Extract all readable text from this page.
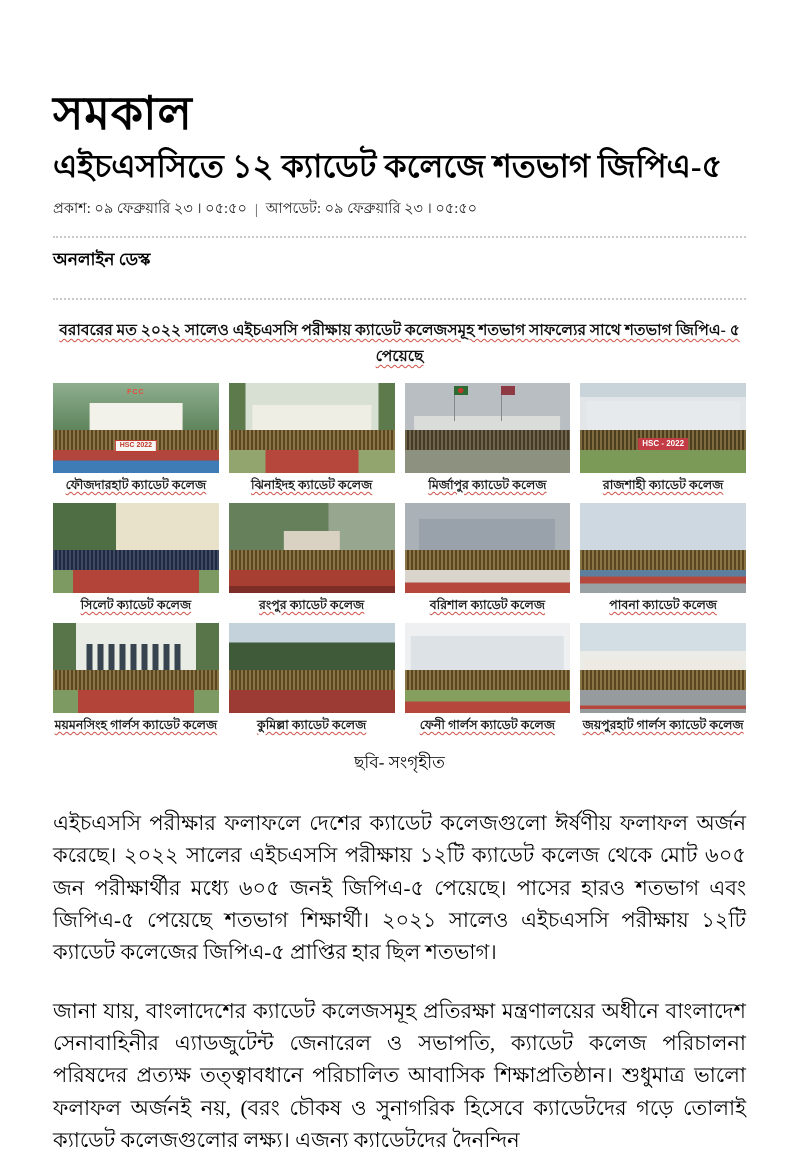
সমকাল
এইচএসসিতে ১২ ক্যাডেট কলেজে শতভাগ জিপিএ-৫
প্রকাশ: ০৯ ফেব্রুয়ারি ২৩ । ০৫:৫০ | আপডেট: ০৯ ফেব্রুয়ারি ২৩ । ০৫:৫০
অনলাইন ডেস্ক
বরাবরের মত ২০২২ সালেও এইচএসসি পরীক্ষায় ক্যাডেট কলেজসমূহ শতভাগ সাফল্যের সাথে শতভাগ জিপিএ- ৫ পেয়েছে
FCC
HSC 2022
ফৌজদারহাট ক্যাডেট কলেজ	ঝিনাইদহ ক্যাডেট কলেজ	মির্জাপুর ক্যাডেট কলেজ
HSC - 2022
রাজশাহী ক্যাডেট কলেজ
সিলেট ক্যাডেট কলেজ	রংপুর ক্যাডেট কলেজ	বরিশাল ক্যাডেট কলেজ	পাবনা ক্যাডেট কলেজ
ময়মনসিংহ গার্লস ক্যাডেট কলেজ	কুমিল্লা ক্যাডেট কলেজ	ফেনী গার্লস ক্যাডেট কলেজ	জয়পুরহাট গার্লস ক্যাডেট কলেজ
ছবি- সংগৃহীত

এইচএসসি পরীক্ষার ফলাফলে দেশের ক্যাডেট কলেজগুলো ঈর্ষণীয় ফলাফল অর্জন করেছে। ২০২২ সালের এইচএসসি পরীক্ষায় ১২টি ক্যাডেট কলেজ থেকে মোট ৬০৫ জন পরীক্ষার্থীর মধ্যে ৬০৫ জনই জিপিএ-৫ পেয়েছে। পাসের হারও শতভাগ এবং জিপিএ-৫ পেয়েছে শতভাগ শিক্ষার্থী। ২০২১ সালেও এইচএসসি পরীক্ষায় ১২টি ক্যাডেট কলেজের জিপিএ-৫ প্রাপ্তির হার ছিল শতভাগ।

জানা যায়, বাংলাদেশের ক্যাডেট কলেজসমূহ প্রতিরক্ষা মন্ত্রণালয়ের অধীনে বাংলাদেশ সেনাবাহিনীর এ্যাডজুটেন্ট জেনারেল ও সভাপতি, ক্যাডেট কলেজ পরিচালনা পরিষদের প্রত্যক্ষ তত্ত্বাবধানে পরিচালিত আবাসিক শিক্ষাপ্রতিষ্ঠান। শুধুমাত্র ভালো ফলাফল অর্জনই নয়, (বরং চৌকষ ও সুনাগরিক হিসেবে ক্যাডেটদের গড়ে তোলাই ক্যাডেট কলেজগুলোর লক্ষ্য। এজন্য ক্যাডেটদের দৈনন্দিন
